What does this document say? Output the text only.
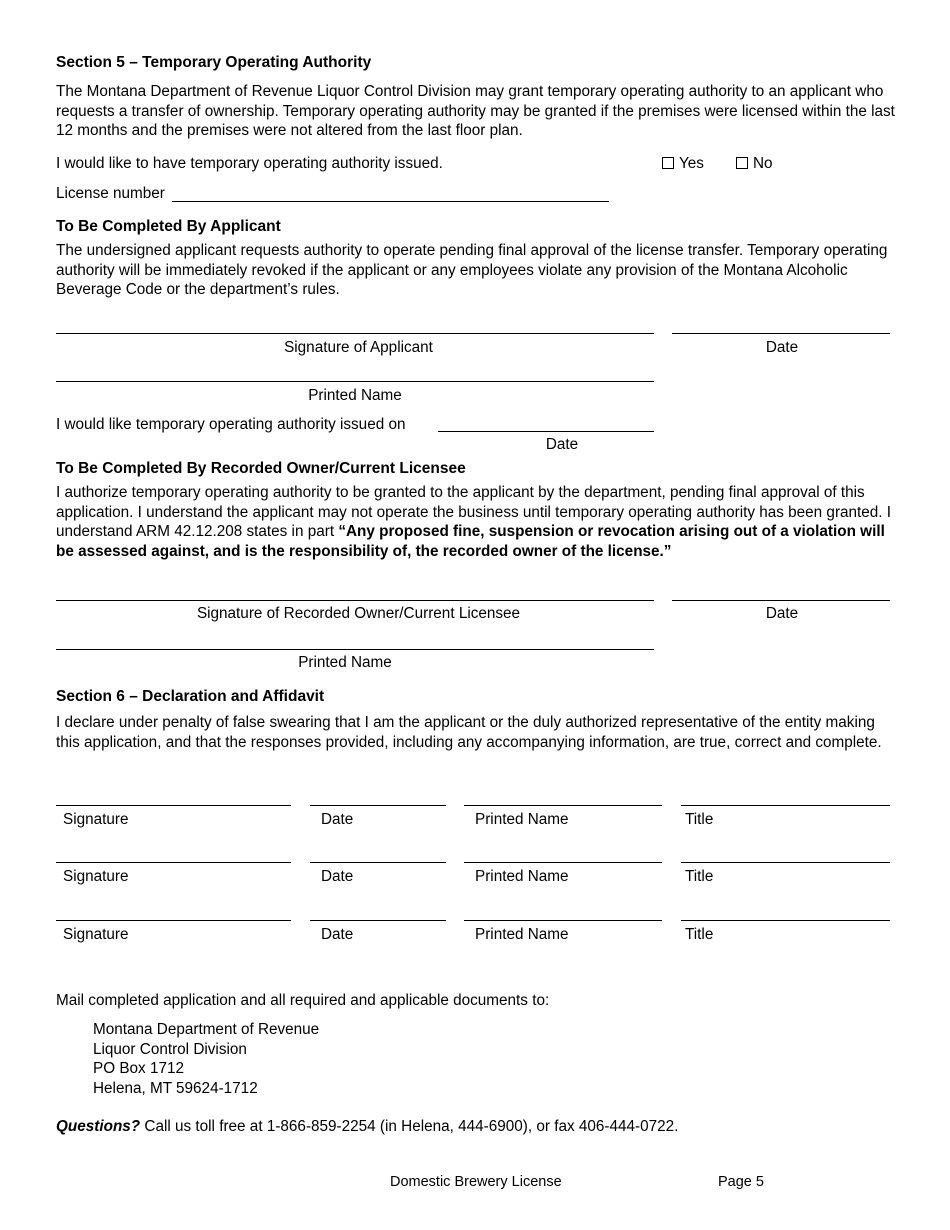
Section 5 – Temporary Operating Authority
The Montana Department of Revenue Liquor Control Division may grant temporary operating authority to an applicant who requests a transfer of ownership. Temporary operating authority may be granted if the premises were licensed within the last 12 months and the premises were not altered from the last floor plan.
I would like to have temporary operating authority issued.	Yes	No
License number
To Be Completed By Applicant
The undersigned applicant requests authority to operate pending final approval of the license transfer. Temporary operating authority will be immediately revoked if the applicant or any employees violate any provision of the Montana Alcoholic Beverage Code or the department’s rules.
Signature of Applicant	Date
Printed Name
I would like temporary operating authority issued on
Date
To Be Completed By Recorded Owner/Current Licensee
I authorize temporary operating authority to be granted to the applicant by the department, pending final approval of this application. I understand the applicant may not operate the business until temporary operating authority has been granted. I understand ARM 42.12.208 states in part “Any proposed fine, suspension or revocation arising out of a violation will be assessed against, and is the responsibility of, the recorded owner of the license.”
Signature of Recorded Owner/Current Licensee	Date
Printed Name
Section 6 – Declaration and Affidavit
I declare under penalty of false swearing that I am the applicant or the duly authorized representative of the entity making this application, and that the responses provided, including any accompanying information, are true, correct and complete.
Signature	Date	Printed Name	Title
Signature	Date	Printed Name	Title
Signature	Date	Printed Name	Title
Mail completed application and all required and applicable documents to:
Montana Department of Revenue
Liquor Control Division
PO Box 1712
Helena, MT 59624-1712
Questions? Call us toll free at 1-866-859-2254 (in Helena, 444-6900), or fax 406-444-0722.
Domestic Brewery License	Page 5
